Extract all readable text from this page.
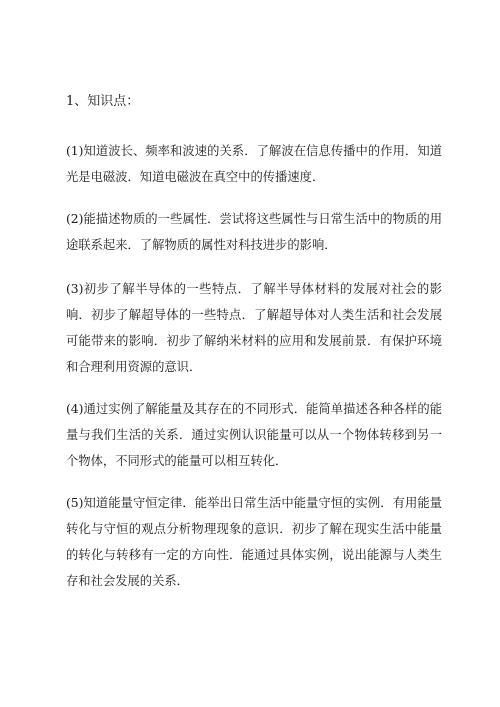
1、知识点：

(1)知道波长、频率和波速的关系．了解波在信息传播中的作用．知道光是电磁波．知道电磁波在真空中的传播速度．

(2)能描述物质的一些属性．尝试将这些属性与日常生活中的物质的用途联系起来．了解物质的属性对科技进步的影响．

(3)初步了解半导体的一些特点．了解半导体材料的发展对社会的影响．初步了解超导体的一些特点．了解超导体对人类生活和社会发展可能带来的影响．初步了解纳米材料的应用和发展前景．有保护环境和合理利用资源的意识．

(4)通过实例了解能量及其存在的不同形式．能简单描述各种各样的能量与我们生活的关系．通过实例认识能量可以从一个物体转移到另一个物体，不同形式的能量可以相互转化．

(5)知道能量守恒定律．能举出日常生活中能量守恒的实例．有用能量转化与守恒的观点分析物理现象的意识．初步了解在现实生活中能量的转化与转移有一定的方向性．能通过具体实例，说出能源与人类生存和社会发展的关系．
